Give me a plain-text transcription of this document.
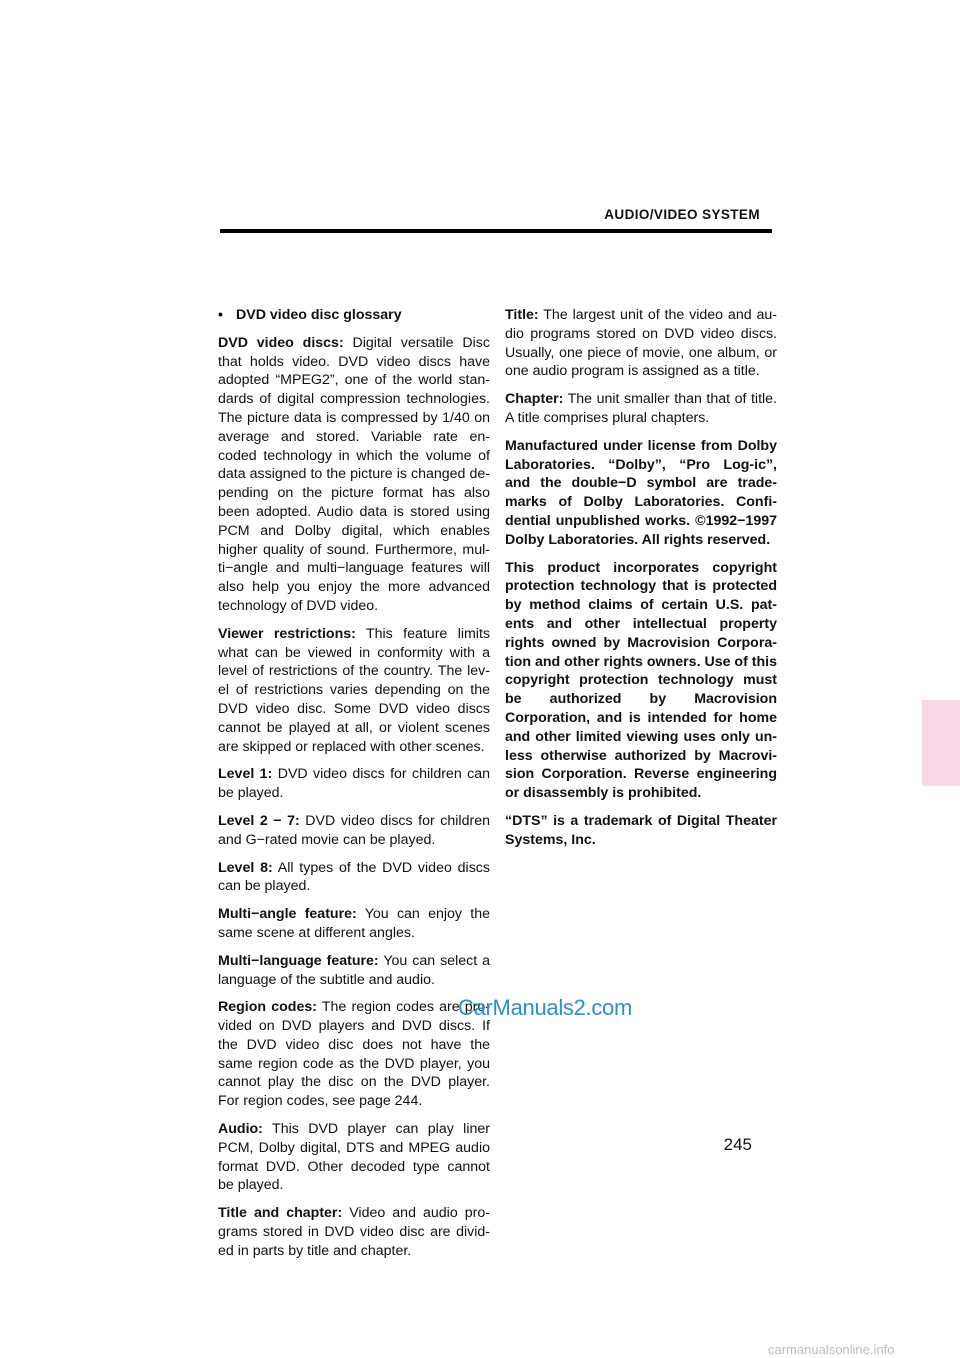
AUDIO/VIDEO SYSTEM

• DVD video disc glossary

DVD video discs: Digital versatile Disc that holds video. DVD video discs have adopted “MPEG2”, one of the world stan-dards of digital compression technologies. The picture data is compressed by 1/40 on average and stored. Variable rate en-coded technology in which the volume of data assigned to the picture is changed de-pending on the picture format has also been adopted. Audio data is stored using PCM and Dolby digital, which enables higher quality of sound. Furthermore, mul-ti−angle and multi−language features will also help you enjoy the more advanced technology of DVD video.

Viewer restrictions: This feature limits what can be viewed in conformity with a level of restrictions of the country. The lev-el of restrictions varies depending on the DVD video disc. Some DVD video discs cannot be played at all, or violent scenes are skipped or replaced with other scenes.

Level 1: DVD video discs for children can be played.

Level 2 − 7: DVD video discs for children and G−rated movie can be played.

Level 8: All types of the DVD video discs can be played.

Multi−angle feature: You can enjoy the same scene at different angles.

Multi−language feature: You can select a language of the subtitle and audio.

Region codes: The region codes are pro-vided on DVD players and DVD discs. If the DVD video disc does not have the same region code as the DVD player, you cannot play the disc on the DVD player. For region codes, see page 244.

Audio: This DVD player can play liner PCM, Dolby digital, DTS and MPEG audio format DVD. Other decoded type cannot be played.

Title and chapter: Video and audio pro-grams stored in DVD video disc are divid-ed in parts by title and chapter.

Title: The largest unit of the video and au-dio programs stored on DVD video discs. Usually, one piece of movie, one album, or one audio program is assigned as a title.

Chapter: The unit smaller than that of title. A title comprises plural chapters.

Manufactured under license from Dolby Laboratories. “Dolby”, “Pro Log-ic”, and the double−D symbol are trade-marks of Dolby Laboratories. Confi-dential unpublished works. ©1992−1997 Dolby Laboratories. All rights reserved.

This product incorporates copyright protection technology that is protected by method claims of certain U.S. pat-ents and other intellectual property rights owned by Macrovision Corpora-tion and other rights owners. Use of this copyright protection technology must be authorized by Macrovision Corporation, and is intended for home and other limited viewing uses only un-less otherwise authorized by Macrovi-sion Corporation. Reverse engineering or disassembly is prohibited.

“DTS” is a trademark of Digital Theater Systems, Inc.

CarManuals2.com
245
carmanualsonline.info
